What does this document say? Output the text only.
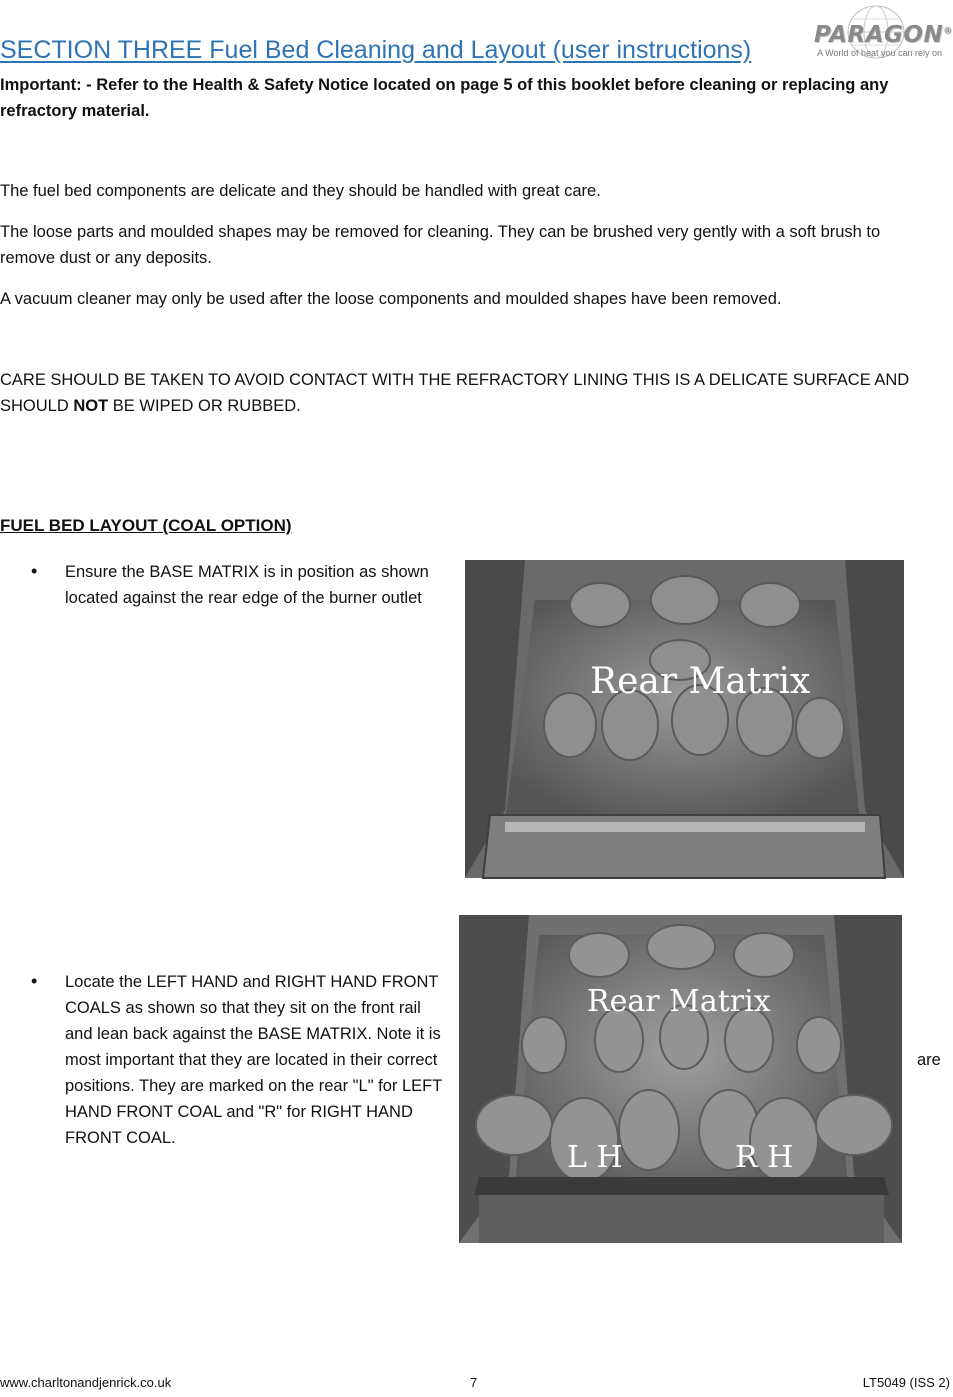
SECTION THREE Fuel Bed Cleaning and Layout (user instructions)
PARAGON®
A World of heat you can rely on
Important: - Refer to the Health & Safety Notice located on page 5 of this booklet before cleaning or replacing any refractory material.

The fuel bed components are delicate and they should be handled with great care.

The loose parts and moulded shapes may be removed for cleaning. They can be brushed very gently with a soft brush to remove dust or any deposits.

A vacuum cleaner may only be used after the loose components and moulded shapes have been removed.

CARE SHOULD BE TAKEN TO AVOID CONTACT WITH THE REFRACTORY LINING THIS IS A DELICATE SURFACE AND SHOULD NOT BE WIPED OR RUBBED.

FUEL BED LAYOUT (COAL OPTION)
• Ensure the BASE MATRIX is in position as shown located against the rear edge of the burner outlet
Rear Matrix
• Locate the LEFT HAND and RIGHT HAND FRONT COALS as shown so that they sit on the front rail and lean back against the BASE MATRIX. Note it is most important that they are located in their correct positions. They are marked on the rear "L" for LEFT HAND FRONT COAL and "R" for RIGHT HAND FRONT COAL.
are
Rear Matrix
L H	R H
www.charltonandjenrick.co.uk	7	LT5049 (ISS 2)
